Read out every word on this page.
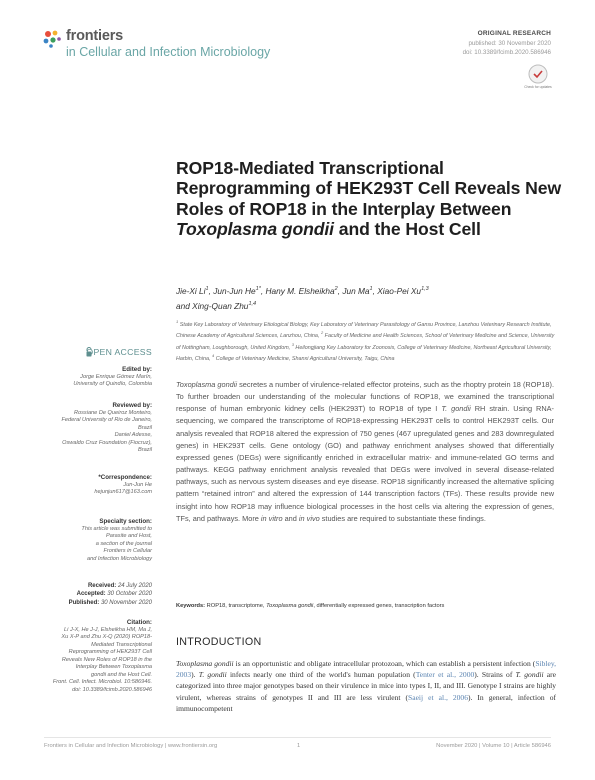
frontiers
in Cellular and Infection Microbiology
ORIGINAL RESEARCH
published: 30 November 2020
doi: 10.3389/fcimb.2020.586946
Check for updates
ROP18-Mediated Transcriptional Reprogramming of HEK293T Cell Reveals New Roles of ROP18 in the Interplay Between Toxoplasma gondii and the Host Cell
Jie-Xi Li$^1$, Jun-Jun $He^{1*}$, Hany M. Elsheikha$^2$, Jun Ma$^1$, Xiao-Pei Xu$^{1,3}$
and Xing-Quan Zhu$^{1,4}$
$^1$ State Key Laboratory of Veterinary Etiological Biology, Key Laboratory of Veterinary Parasitology of Gansu Province, Lanzhou Veterinary Research Institute, Chinese Academy of Agricultural Sciences, Lanzhou, China, $^2$ Faculty of Medicine and Health Sciences, School of Veterinary Medicine and Science, University of Nottingham, Loughborough, United Kingdom, $^3$ Heilongjiang Key Laboratory for Zoonosis, College of Veterinary Medicine, Northeast Agricultural University, Harbin, China, $^4$ College of Veterinary Medicine, Shanxi Agricultural University, Taigu, China
OPEN ACCESS
Edited by:
Jorge Enrique Gómez Marín,
University of Quindío, Colombia
Reviewed by:
Rossiane De Queiroz Monteiro,
Federal University of Rio de Janeiro,
Brazil
Daniel Adesse,
Oswaldo Cruz Foundation (Fiocruz),
Brazil
*Correspondence:
Jun-Jun He
hejunjun617@163.com
Specialty section:
This article was submitted to
Parasite and Host,
a section of the journal
Frontiers in Cellular
and Infection Microbiology
Received: 24 July 2020
Accepted: 30 October 2020
Published: 30 November 2020
Citation:
Li J-X, He J-J, Elsheikha HM, Ma J,
Xu X-P and Zhu X-Q (2020) ROP18-
Mediated Transcriptional
Reprogramming of HEK293T Cell
Reveals New Roles of ROP18 in the
Interplay Between Toxoplasma
gondii and the Host Cell.
Front. Cell. Infect. Microbiol. 10:586946.
doi: 10.3389/fcimb.2020.586946
Toxoplasma gondii secretes a number of virulence-related effector proteins, such as the rhoptry protein 18 (ROP18). To further broaden our understanding of the molecular functions of ROP18, we examined the transcriptional response of human embryonic kidney cells (HEK293T) to ROP18 of type I T. gondii RH strain. Using RNA-sequencing, we compared the transcriptome of ROP18-expressing HEK293T cells to control HEK293T cells. Our analysis revealed that ROP18 altered the expression of 750 genes (467 upregulated genes and 283 downregulated genes) in HEK293T cells. Gene ontology (GO) and pathway enrichment analyses showed that differentially expressed genes (DEGs) were significantly enriched in extracellular matrix- and immune-related GO terms and pathways. KEGG pathway enrichment analysis revealed that DEGs were involved in several disease-related pathways, such as nervous system diseases and eye disease. ROP18 significantly increased the alternative splicing pattern “retained intron” and altered the expression of 144 transcription factors (TFs). These results provide new insight into how ROP18 may influence biological processes in the host cells via altering the expression of genes, TFs, and pathways. More in vitro and in vivo studies are required to substantiate these findings.
Keywords: ROP18, transcriptome, Toxoplasma gondii, differentially expressed genes, transcription factors
INTRODUCTION
Toxoplasma gondii is an opportunistic and obligate intracellular protozoan, which can establish a persistent infection (Sibley, 2003). T. gondii infects nearly one third of the world's human population (Tenter et al., 2000). Strains of T. gondii are categorized into three major genotypes based on their virulence in mice into types I, II, and III. Genotype I strains are highly virulent, whereas strains of genotypes II and III are less virulent (Saeij et al., 2006). In general, infection of immunocompetent
Frontiers in Cellular and Infection Microbiology | www.frontiersin.org	1	November 2020 | Volume 10 | Article 586946
